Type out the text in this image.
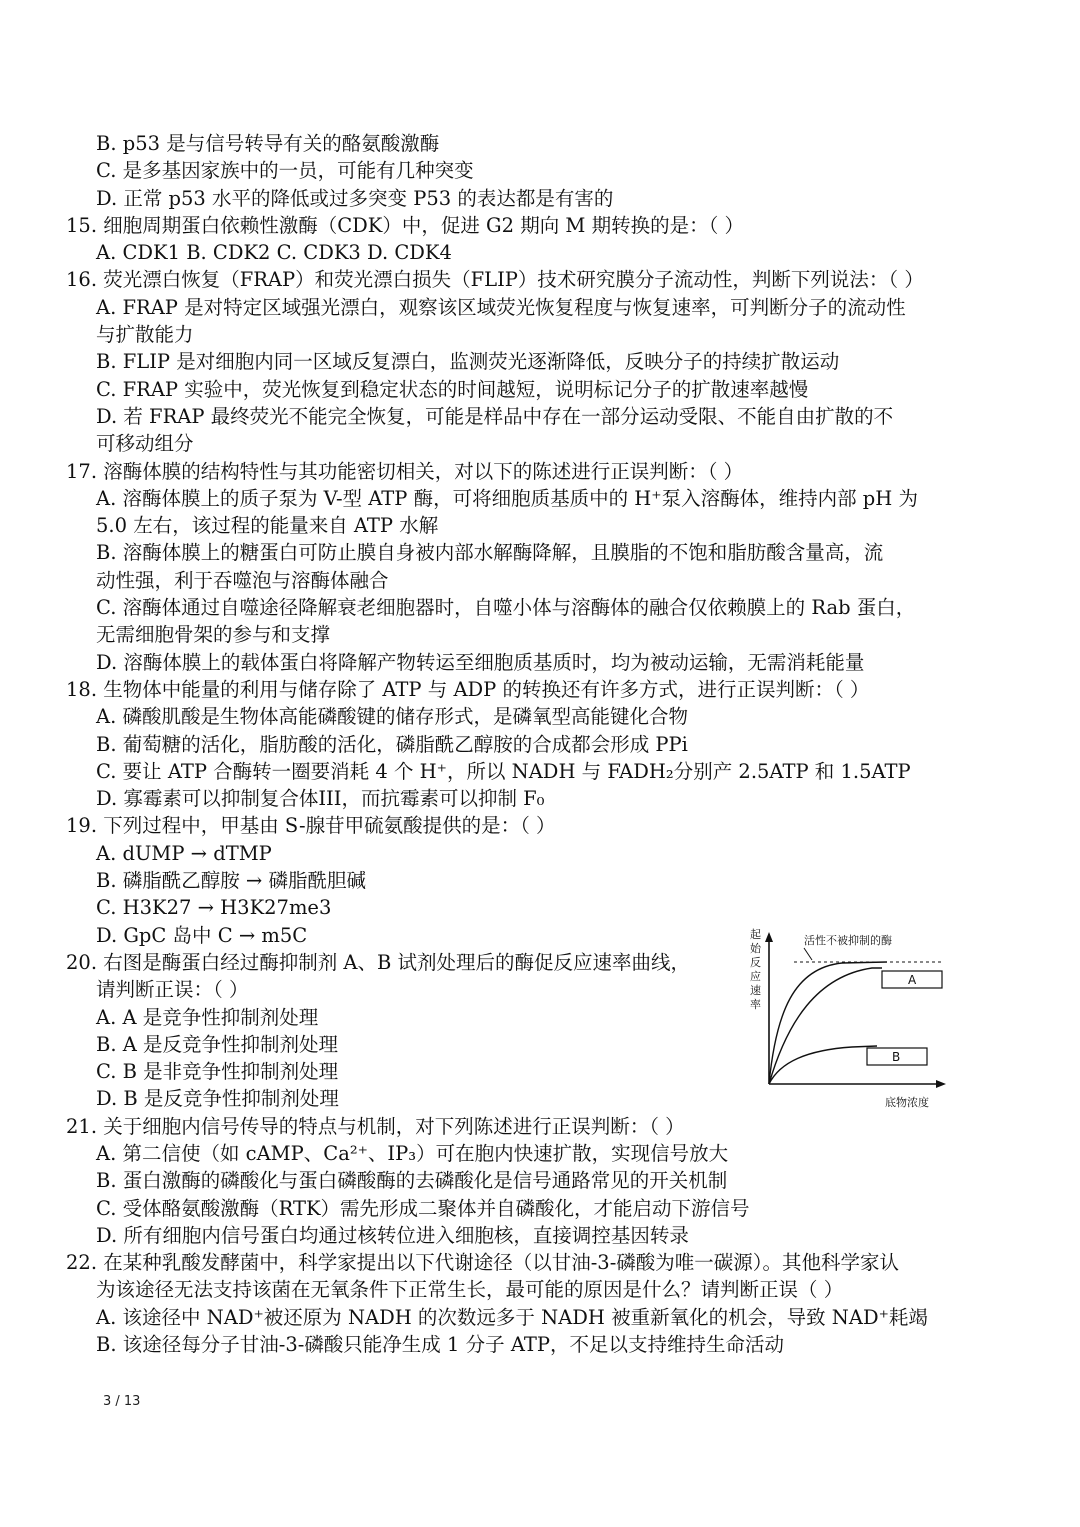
B. p53 是与信号转导有关的酪氨酸激酶
C. 是多基因家族中的一员，可能有几种突变
D. 正常 p53 水平的降低或过多突变 P53 的表达都是有害的
15. 细胞周期蛋白依赖性激酶（CDK）中，促进 G2 期向 M 期转换的是：（ ）
A. CDK1 B. CDK2 C. CDK3 D. CDK4
16. 荧光漂白恢复（FRAP）和荧光漂白损失（FLIP）技术研究膜分子流动性，判断下列说法：（ ）
A. FRAP 是对特定区域强光漂白，观察该区域荧光恢复程度与恢复速率，可判断分子的流动性
与扩散能力
B. FLIP 是对细胞内同一区域反复漂白，监测荧光逐渐降低，反映分子的持续扩散运动
C. FRAP 实验中，荧光恢复到稳定状态的时间越短，说明标记分子的扩散速率越慢
D. 若 FRAP 最终荧光不能完全恢复，可能是样品中存在一部分运动受限、不能自由扩散的不
可移动组分
17. 溶酶体膜的结构特性与其功能密切相关，对以下的陈述进行正误判断：（ ）
A. 溶酶体膜上的质子泵为 V-型 ATP 酶，可将细胞质基质中的 H⁺泵入溶酶体，维持内部 pH 为
5.0 左右，该过程的能量来自 ATP 水解
B. 溶酶体膜上的糖蛋白可防止膜自身被内部水解酶降解，且膜脂的不饱和脂肪酸含量高，流
动性强，利于吞噬泡与溶酶体融合
C. 溶酶体通过自噬途径降解衰老细胞器时，自噬小体与溶酶体的融合仅依赖膜上的 Rab 蛋白，
无需细胞骨架的参与和支撑
D. 溶酶体膜上的载体蛋白将降解产物转运至细胞质基质时，均为被动运输，无需消耗能量
18. 生物体中能量的利用与储存除了 ATP 与 ADP 的转换还有许多方式，进行正误判断：（ ）
A. 磷酸肌酸是生物体高能磷酸键的储存形式，是磷氧型高能键化合物
B. 葡萄糖的活化，脂肪酸的活化，磷脂酰乙醇胺的合成都会形成 PPi
C. 要让 ATP 合酶转一圈要消耗 4 个 H⁺，所以 NADH 与 FADH₂分别产 2.5ATP 和 1.5ATP
D. 寡霉素可以抑制复合体III，而抗霉素可以抑制 F₀
19. 下列过程中，甲基由 S-腺苷甲硫氨酸提供的是：（ ）
A. dUMP → dTMP
B. 磷脂酰乙醇胺 → 磷脂酰胆碱
C. H3K27 → H3K27me3
D. GpC 岛中 C → m5C
20. 右图是酶蛋白经过酶抑制剂 A、B 试剂处理后的酶促反应速率曲线，
请判断正误：（ ）
A. A 是竞争性抑制剂处理
B. A 是反竞争性抑制剂处理
C. B 是非竞争性抑制剂处理
D. B 是反竞争性抑制剂处理
21. 关于细胞内信号传导的特点与机制，对下列陈述进行正误判断：（ ）
A. 第二信使（如 cAMP、Ca²⁺、IP₃）可在胞内快速扩散，实现信号放大
B. 蛋白激酶的磷酸化与蛋白磷酸酶的去磷酸化是信号通路常见的开关机制
C. 受体酪氨酸激酶（RTK）需先形成二聚体并自磷酸化，才能启动下游信号
D. 所有细胞内信号蛋白均通过核转位进入细胞核，直接调控基因转录
22. 在某种乳酸发酵菌中，科学家提出以下代谢途径（以甘油-3-磷酸为唯一碳源）。其他科学家认
为该途径无法支持该菌在无氧条件下正常生长，最可能的原因是什么？请判断正误（ ）
A. 该途径中 NAD⁺被还原为 NADH 的次数远多于 NADH 被重新氧化的机会，导致 NAD⁺耗竭
B. 该途径每分子甘油-3-磷酸只能净生成 1 分子 ATP，不足以支持维持生命活动
起
始
反
应
速
率
活性不被抑制的酶
A
B
底物浓度
3 / 13
